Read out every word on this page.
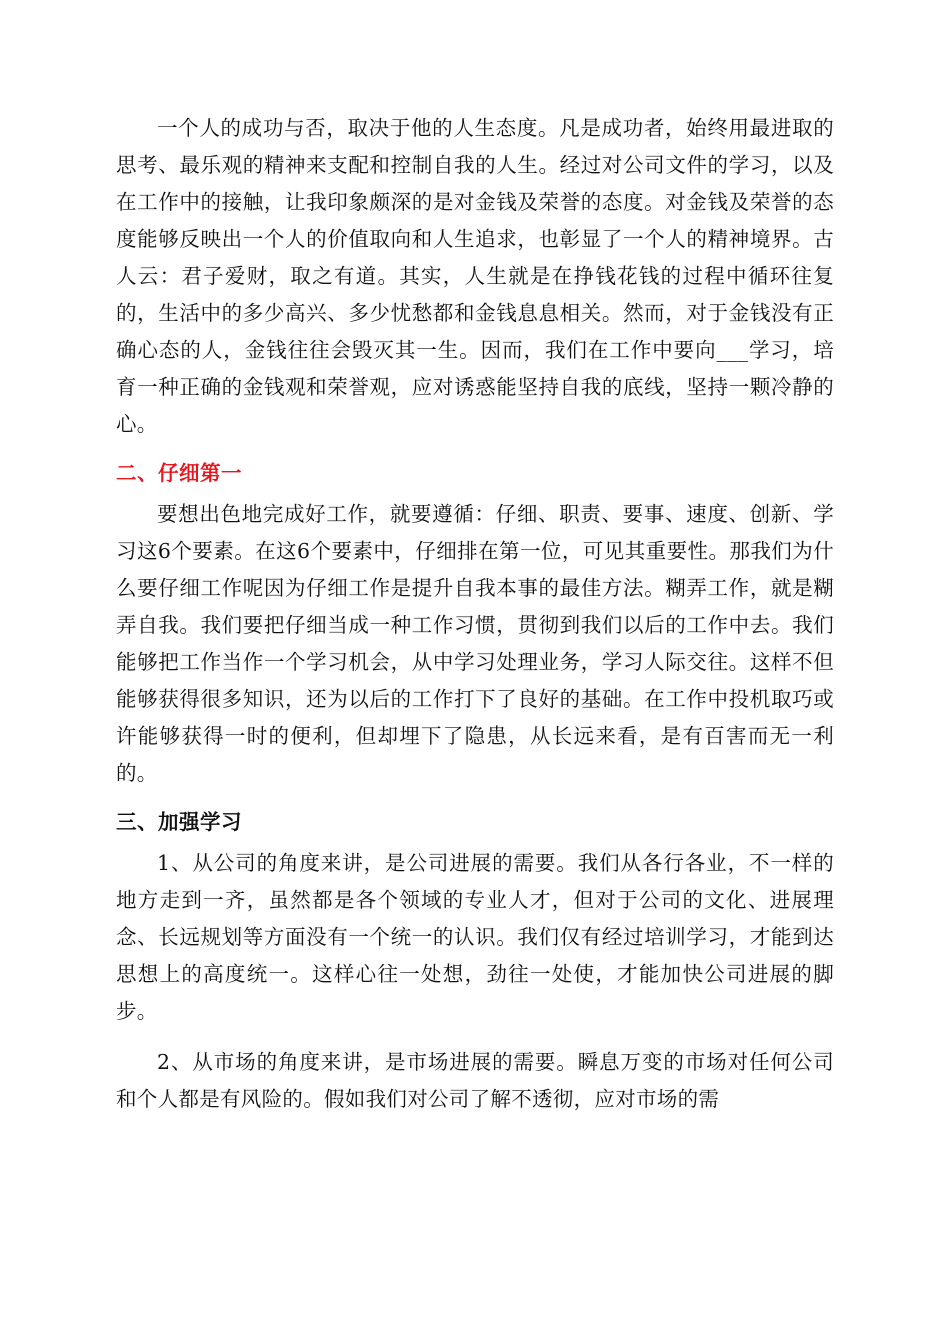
一个人的成功与否，取决于他的人生态度。凡是成功者，始终用最进取的思考、最乐观的精神来支配和控制自我的人生。经过对公司文件的学习，以及在工作中的接触，让我印象颇深的是对金钱及荣誉的态度。对金钱及荣誉的态度能够反映出一个人的价值取向和人生追求，也彰显了一个人的精神境界。古人云：君子爱财，取之有道。其实，人生就是在挣钱花钱的过程中循环往复的，生活中的多少高兴、多少忧愁都和金钱息息相关。然而，对于金钱没有正确心态的人，金钱往往会毁灭其一生。因而，我们在工作中要向___学习，培育一种正确的金钱观和荣誉观，应对诱惑能坚持自我的底线，坚持一颗冷静的心。

二、仔细第一

要想出色地完成好工作，就要遵循：仔细、职责、要事、速度、创新、学习这6个要素。在这6个要素中，仔细排在第一位，可见其重要性。那我们为什么要仔细工作呢因为仔细工作是提升自我本事的最佳方法。糊弄工作，就是糊弄自我。我们要把仔细当成一种工作习惯，贯彻到我们以后的工作中去。我们能够把工作当作一个学习机会，从中学习处理业务，学习人际交往。这样不但能够获得很多知识，还为以后的工作打下了良好的基础。在工作中投机取巧或许能够获得一时的便利，但却埋下了隐患，从长远来看，是有百害而无一利的。

三、加强学习

1、从公司的角度来讲，是公司进展的需要。我们从各行各业，不一样的地方走到一齐，虽然都是各个领域的专业人才，但对于公司的文化、进展理念、长远规划等方面没有一个统一的认识。我们仅有经过培训学习，才能到达思想上的高度统一。这样心往一处想，劲往一处使，才能加快公司进展的脚步。

2、从市场的角度来讲，是市场进展的需要。瞬息万变的市场对任何公司和个人都是有风险的。假如我们对公司了解不透彻，应对市场的需
